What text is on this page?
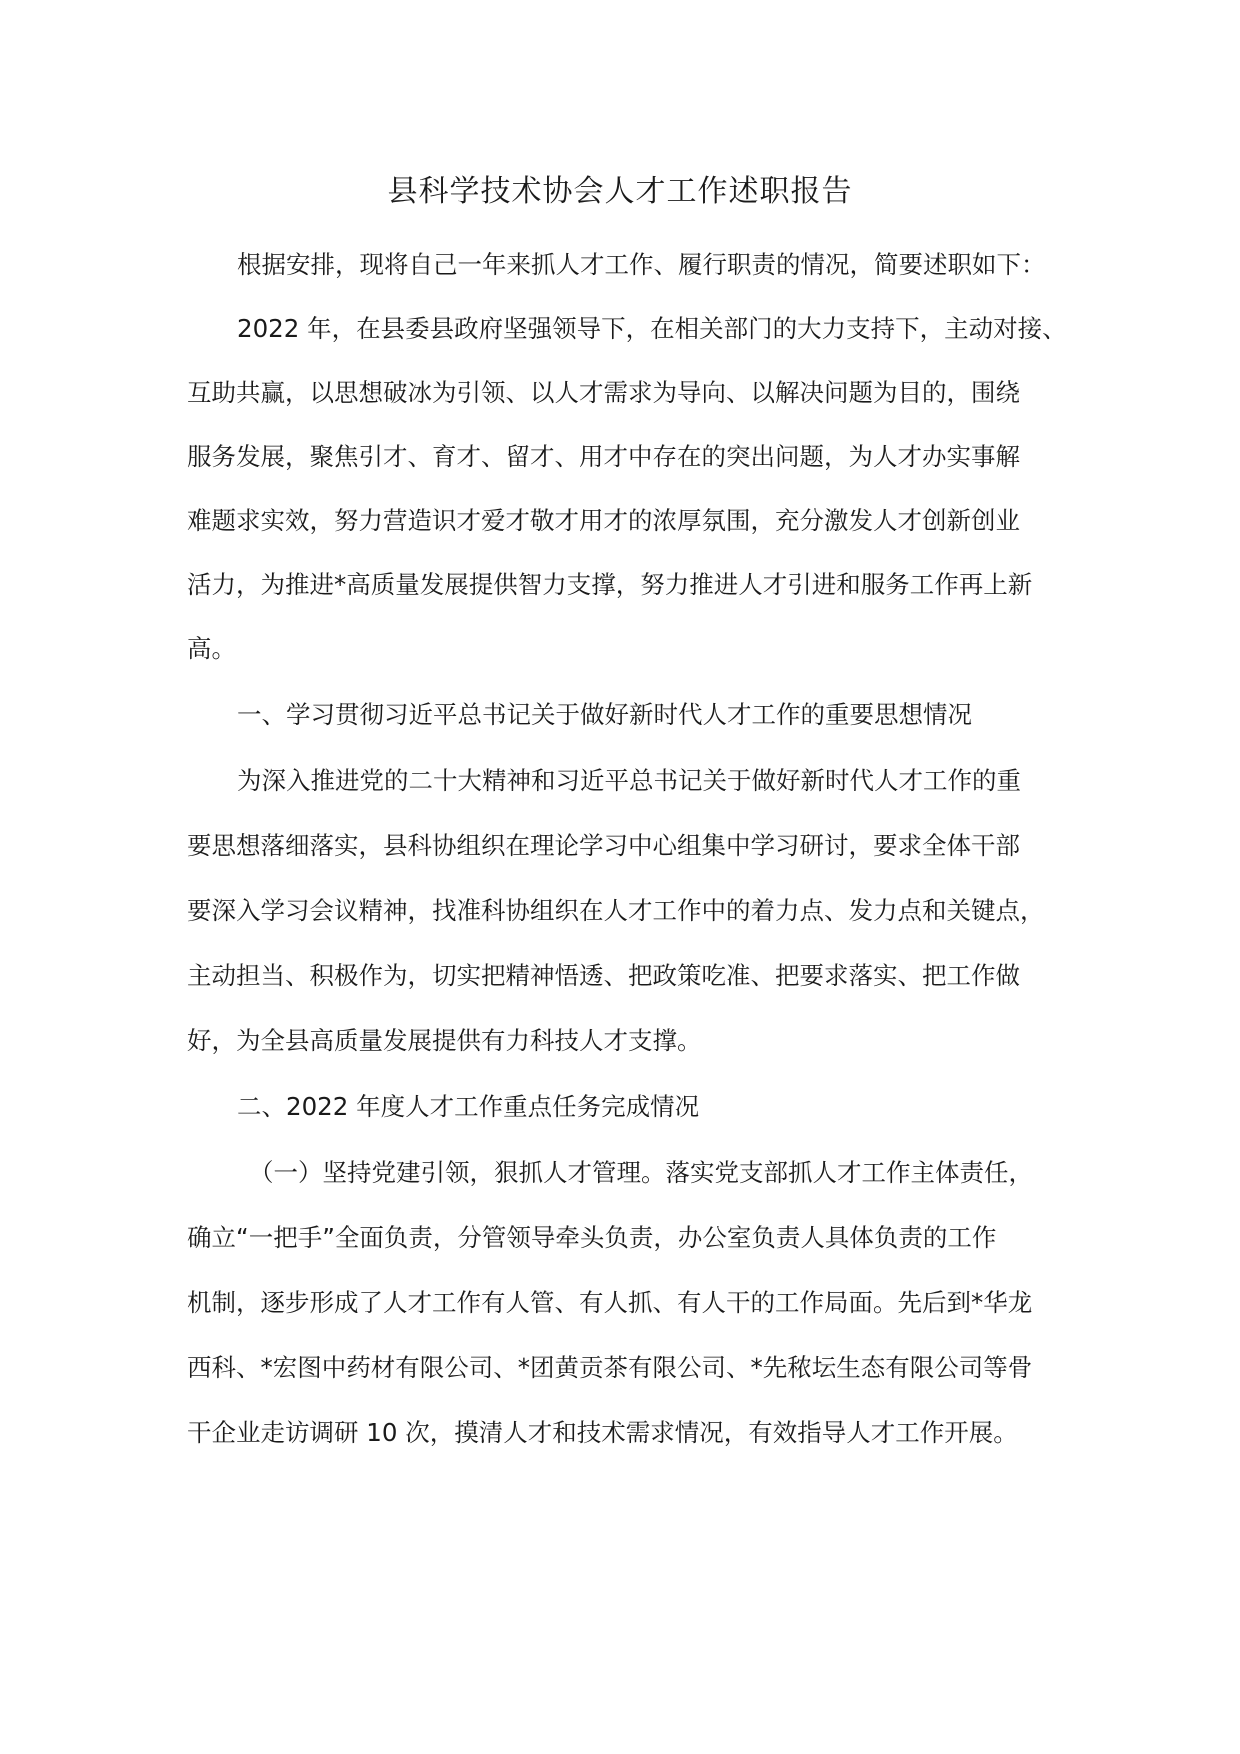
县科学技术协会人才工作述职报告

根据安排，现将自己一年来抓人才工作、履行职责的情况，简要述职如下：

2022 年，在县委县政府坚强领导下，在相关部门的大力支持下，主动对接、

互助共赢，以思想破冰为引领、以人才需求为导向、以解决问题为目的，围绕

服务发展，聚焦引才、育才、留才、用才中存在的突出问题，为人才办实事解

难题求实效，努力营造识才爱才敬才用才的浓厚氛围，充分激发人才创新创业

活力，为推进*高质量发展提供智力支撑，努力推进人才引进和服务工作再上新

高。

一、学习贯彻习近平总书记关于做好新时代人才工作的重要思想情况

为深入推进党的二十大精神和习近平总书记关于做好新时代人才工作的重

要思想落细落实，县科协组织在理论学习中心组集中学习研讨，要求全体干部

要深入学习会议精神，找准科协组织在人才工作中的着力点、发力点和关键点，

主动担当、积极作为，切实把精神悟透、把政策吃准、把要求落实、把工作做

好，为全县高质量发展提供有力科技人才支撑。

二、2022 年度人才工作重点任务完成情况

（一）坚持党建引领，狠抓人才管理。落实党支部抓人才工作主体责任，

确立“一把手”全面负责，分管领导牵头负责，办公室负责人具体负责的工作

机制，逐步形成了人才工作有人管、有人抓、有人干的工作局面。先后到*华龙

西科、*宏图中药材有限公司、*团黄贡茶有限公司、*先秾坛生态有限公司等骨

干企业走访调研 10 次，摸清人才和技术需求情况，有效指导人才工作开展。
